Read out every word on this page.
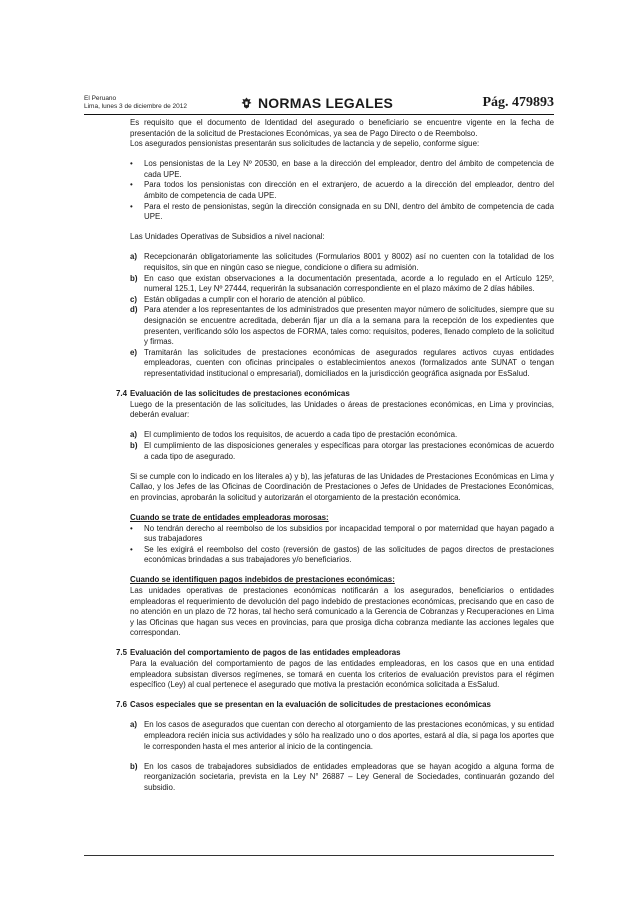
El Peruano
Lima, lunes 3 de diciembre de 2012	NORMAS LEGALES	Pág. 479893

Es requisito que el documento de Identidad del asegurado o beneficiario se encuentre vigente en la fecha de presentación de la solicitud de Prestaciones Económicas, ya sea de Pago Directo o de Reembolso.

Los asegurados pensionistas presentarán sus solicitudes de lactancia y de sepelio, conforme sigue:

• Los pensionistas de la Ley Nº 20530, en base a la dirección del empleador, dentro del ámbito de competencia de cada UPE.
• Para todos los pensionistas con dirección en el extranjero, de acuerdo a la dirección del empleador, dentro del ámbito de competencia de cada UPE.
• Para el resto de pensionistas, según la dirección consignada en su DNI, dentro del ámbito de competencia de cada UPE.

Las Unidades Operativas de Subsidios a nivel nacional:

a) Recepcionarán obligatoriamente las solicitudes (Formularios 8001 y 8002) así no cuenten con la totalidad de los requisitos, sin que en ningún caso se niegue, condicione o difiera su admisión.
b) En caso que existan observaciones a la documentación presentada, acorde a lo regulado en el Artículo 125º, numeral 125.1, Ley Nº 27444, requerirán la subsanación correspondiente en el plazo máximo de 2 días hábiles.
c) Están obligadas a cumplir con el horario de atención al público.
d) Para atender a los representantes de los administrados que presenten mayor número de solicitudes, siempre que su designación se encuentre acreditada, deberán fijar un día a la semana para la recepción de los expedientes que presenten, verificando sólo los aspectos de FORMA, tales como: requisitos, poderes, llenado completo de la solicitud y firmas.
e) Tramitarán las solicitudes de prestaciones económicas de asegurados regulares activos cuyas entidades empleadoras, cuenten con oficinas principales o establecimientos anexos (formalizados ante SUNAT o tengan representatividad institucional o empresarial), domiciliados en la jurisdicción geográfica asignada por EsSalud.
7.4 Evaluación de las solicitudes de prestaciones económicas

Luego de la presentación de las solicitudes, las Unidades o áreas de prestaciones económicas, en Lima y provincias, deberán evaluar:

a) El cumplimiento de todos los requisitos, de acuerdo a cada tipo de prestación económica.
b) El cumplimiento de las disposiciones generales y específicas para otorgar las prestaciones económicas de acuerdo a cada tipo de asegurado.

Si se cumple con lo indicado en los literales a) y b), las jefaturas de las Unidades de Prestaciones Económicas en Lima y Callao, y los Jefes de las Oficinas de Coordinación de Prestaciones o Jefes de Unidades de Prestaciones Económicas, en provincias, aprobarán la solicitud y autorizarán el otorgamiento de la prestación económica.

Cuando se trate de entidades empleadoras morosas:
• No tendrán derecho al reembolso de los subsidios por incapacidad temporal o por maternidad que hayan pagado a sus trabajadores
• Se les exigirá el reembolso del costo (reversión de gastos) de las solicitudes de pagos directos de prestaciones económicas brindadas a sus trabajadores y/o beneficiarios.
Cuando se identifiquen pagos indebidos de prestaciones económicas:

Las unidades operativas de prestaciones económicas notificarán a los asegurados, beneficiarios o entidades empleadoras el requerimiento de devolución del pago indebido de prestaciones económicas, precisando que en caso de no atención en un plazo de 72 horas, tal hecho será comunicado a la Gerencia de Cobranzas y Recuperaciones en Lima y las Oficinas que hagan sus veces en provincias, para que prosiga dicha cobranza mediante las acciones legales que correspondan.

7.5 Evaluación del comportamiento de pagos de las entidades empleadoras

Para la evaluación del comportamiento de pagos de las entidades empleadoras, en los casos que en una entidad empleadora subsistan diversos regímenes, se tomará en cuenta los criterios de evaluación previstos para el régimen específico (Ley) al cual pertenece el asegurado que motiva la prestación económica solicitada a EsSalud.

7.6 Casos especiales que se presentan en la evaluación de solicitudes de prestaciones económicas
a) En los casos de asegurados que cuentan con derecho al otorgamiento de las prestaciones económicas, y su entidad empleadora recién inicia sus actividades y sólo ha realizado uno o dos aportes, estará al día, si paga los aportes que le corresponden hasta el mes anterior al inicio de la contingencia.
b) En los casos de trabajadores subsidiados de entidades empleadoras que se hayan acogido a alguna forma de reorganización societaria, prevista en la Ley N° 26887 – Ley General de Sociedades, continuarán gozando del subsidio.
